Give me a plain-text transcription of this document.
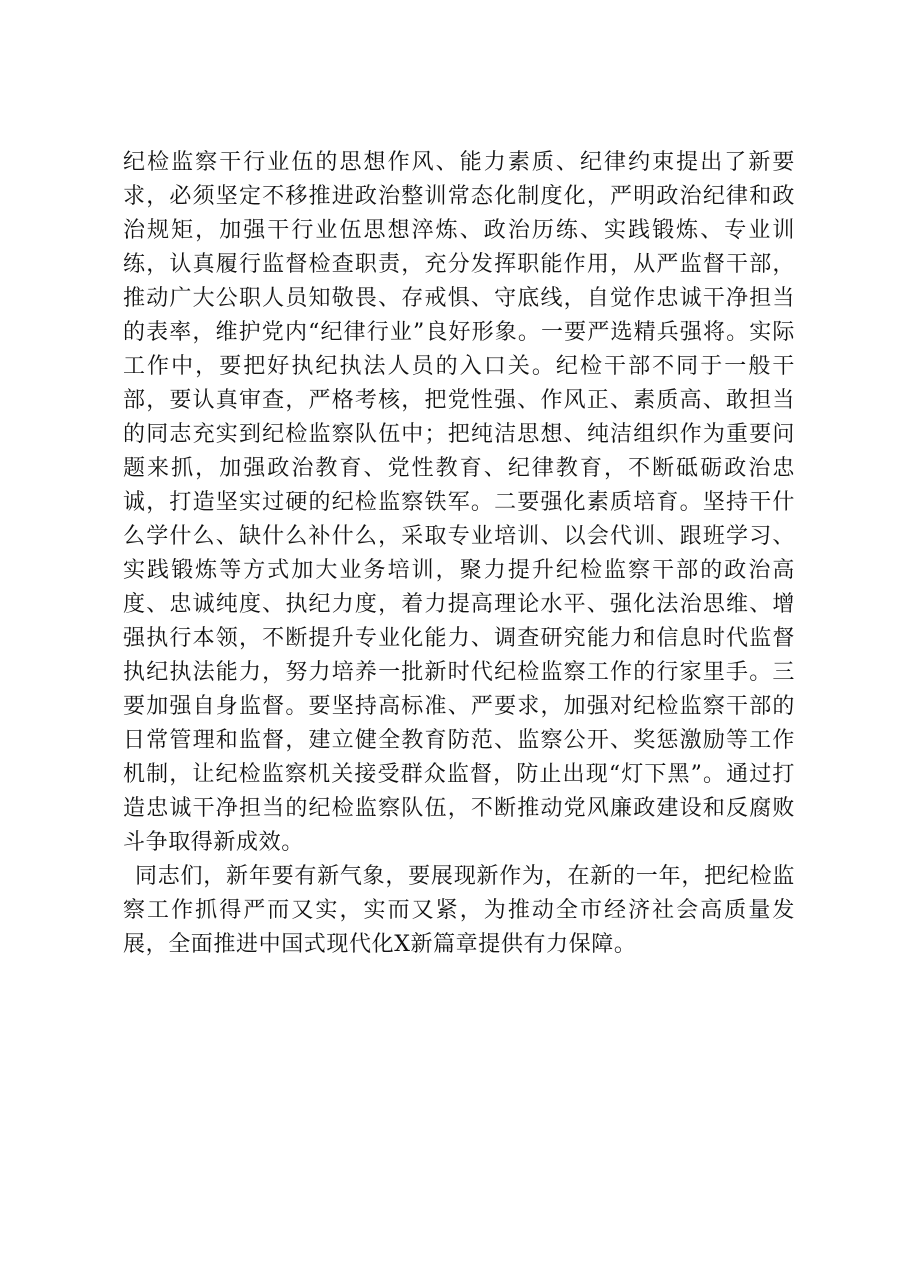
纪检监察干行业伍的思想作风、能力素质、纪律约束提出了新要求，必须坚定不移推进政治整训常态化制度化，严明政治纪律和政治规矩，加强干行业伍思想淬炼、政治历练、实践锻炼、专业训练，认真履行监督检查职责，充分发挥职能作用，从严监督干部，推动广大公职人员知敬畏、存戒惧、守底线，自觉作忠诚干净担当的表率，维护党内“纪律行业”良好形象。一要严选精兵强将。实际工作中，要把好执纪执法人员的入口关。纪检干部不同于一般干部，要认真审查，严格考核，把党性强、作风正、素质高、敢担当的同志充实到纪检监察队伍中；把纯洁思想、纯洁组织作为重要问题来抓，加强政治教育、党性教育、纪律教育，不断砥砺政治忠诚，打造坚实过硬的纪检监察铁军。二要强化素质培育。坚持干什么学什么、缺什么补什么，采取专业培训、以会代训、跟班学习、实践锻炼等方式加大业务培训，聚力提升纪检监察干部的政治高度、忠诚纯度、执纪力度，着力提高理论水平、强化法治思维、增强执行本领，不断提升专业化能力、调查研究能力和信息时代监督执纪执法能力，努力培养一批新时代纪检监察工作的行家里手。三要加强自身监督。要坚持高标准、严要求，加强对纪检监察干部的日常管理和监督，建立健全教育防范、监察公开、奖惩激励等工作机制，让纪检监察机关接受群众监督，防止出现“灯下黑”。通过打造忠诚干净担当的纪检监察队伍，不断推动党风廉政建设和反腐败斗争取得新成效。

同志们，新年要有新气象，要展现新作为，在新的一年，把纪检监察工作抓得严而又实，实而又紧，为推动全市经济社会高质量发展，全面推进中国式现代化X新篇章提供有力保障。
